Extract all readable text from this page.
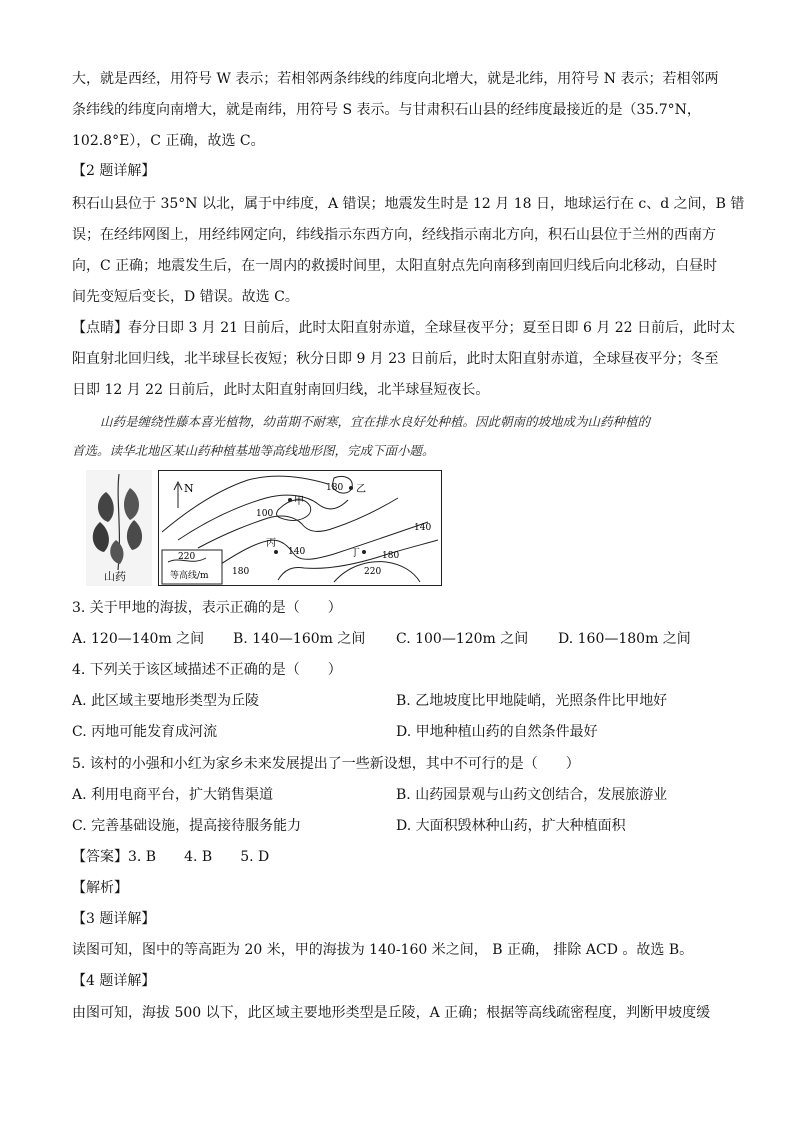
大，就是西经，用符号 W 表示；若相邻两条纬线的纬度向北增大，就是北纬，用符号 N 表示；若相邻两
条纬线的纬度向南增大，就是南纬，用符号 S 表示。与甘肃积石山县的经纬度最接近的是（35.7°N，
102.8°E），C 正确，故选 C。
【2 题详解】
积石山县位于 35°N 以北，属于中纬度，A 错误；地震发生时是 12 月 18 日，地球运行在 c、d 之间，B 错
误；在经纬网图上，用经纬网定向，纬线指示东西方向，经线指示南北方向，积石山县位于兰州的西南方
向，C 正确；地震发生后，在一周内的救援时间里，太阳直射点先向南移到南回归线后向北移动，白昼时
间先变短后变长，D 错误。故选 C。
【点睛】春分日即 3 月 21 日前后，此时太阳直射赤道，全球昼夜平分；夏至日即 6 月 22 日前后，此时太
阳直射北回归线，北半球昼长夜短；秋分日即 9 月 23 日前后，此时太阳直射赤道，全球昼夜平分；冬至
日即 12 月 22 日前后，此时太阳直射南回归线，北半球昼短夜长。
山药是缠绕性藤本喜光植物，幼苗期不耐寒，宜在排水良好处种植。因此朝南的坡地成为山药种植的
首选。读华北地区某山药种植基地等高线地形图，完成下面小题。
山药
N
220
等高线/m
180
100
140
140
180
180	220
甲
乙
丙
丁
3. 关于甲地的海拔，表示正确的是（　　）
A. 120—140m 之间 B. 140—160m 之间 C. 100—120m 之间 D. 160—180m 之间
4. 下列关于该区域描述不正确的是（　　）
A. 此区域主要地形类型为丘陵	B. 乙地坡度比甲地陡峭，光照条件比甲地好
C. 丙地可能发育成河流	D. 甲地种植山药的自然条件最好
5. 该村的小强和小红为家乡未来发展提出了一些新设想，其中不可行的是（　　）
A. 利用电商平台，扩大销售渠道	B. 山药园景观与山药文创结合，发展旅游业
C. 完善基础设施，提高接待服务能力	D. 大面积毁林种山药，扩大种植面积
【答案】3. B　　4. B　　5. D
【解析】
【3 题详解】
读图可知，图中的等高距为 20 米，甲的海拔为 140-160 米之间， B 正确， 排除 ACD 。故选 B。
【4 题详解】
由图可知，海拔 500 以下，此区域主要地形类型是丘陵，A 正确；根据等高线疏密程度，判断甲坡度缓
